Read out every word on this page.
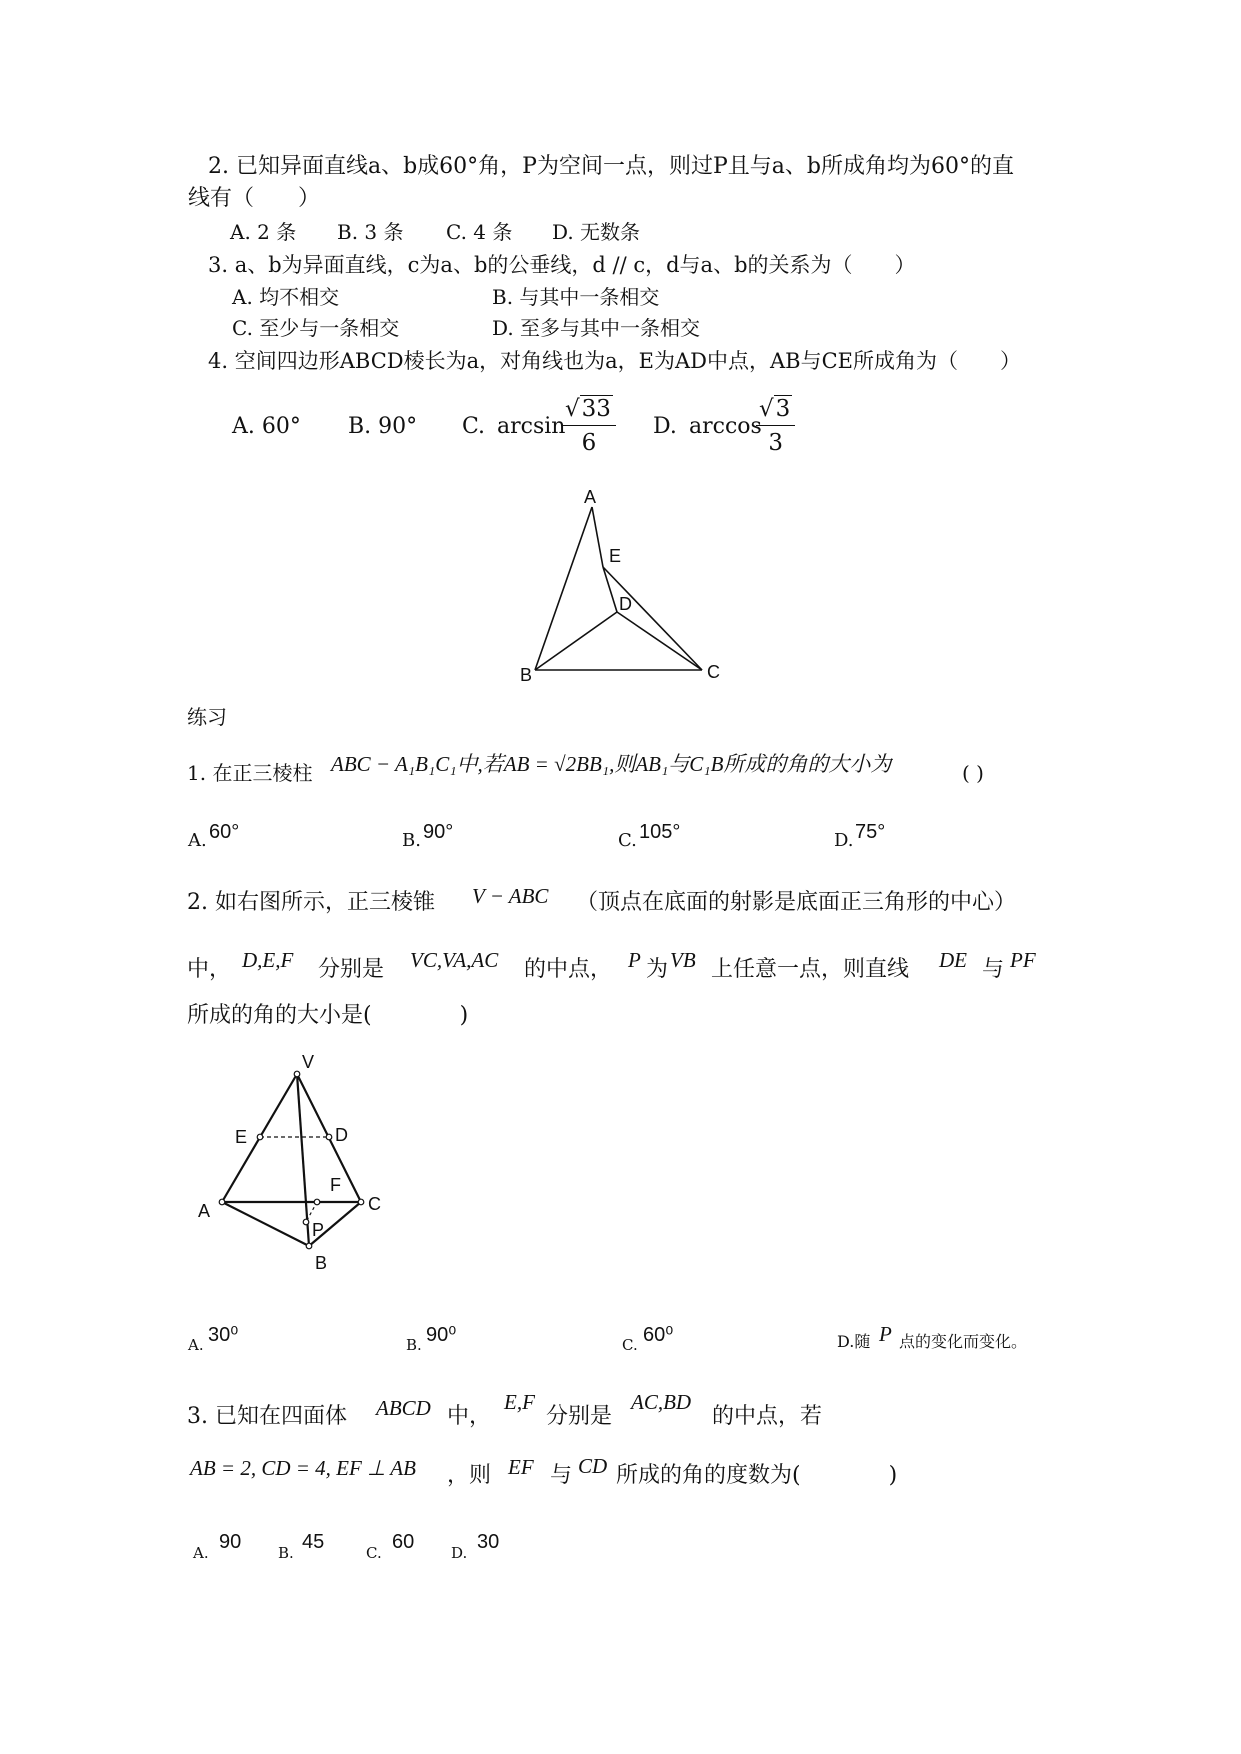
2. 已知异面直线a、b成60°角，P为空间一点，则过P且与a、b所成角均为60°的直
线有（　　）
A. 2 条 B. 3 条 C. 4 条 D. 无数条
3. a、b为异面直线，c为a、b的公垂线，d // c，d与a、b的关系为（　　）
A. 均不相交	B. 与其中一条相交
C. 至少与一条相交	D. 至多与其中一条相交
4. 空间四边形ABCD棱长为a，对角线也为a，E为AD中点，AB与CE所成角为（　　）
A. 60° B. 90° C. arcsin
$\frac{√33}{6} D$. arccos
$\frac{√3}{3}$
A
E
D
B	C
练习
1. 在正三棱柱 ABC − A₁B₁C₁中,若AB = √2BB₁,则AB₁与C₁B所成的角的大小为	( )
A. 60°	B. 90°	C. 105°	D. 75°
2. 如右图所示，正三棱锥 V − ABC （顶点在底面的射影是底面正三角形的中心）
中， D,E,F 分别是 VC,VA,AC 的中点， P 为 VB 上任意一点，则直线 DE 与 PF
所成的角的大小是(　　　　)
V
E	D
A
F
C
P
B
A. 30⁰	B. 90⁰	C. 60⁰	D.随 P 点的变化而变化。
3. 已知在四面体 ABCD 中，
E,F
分别是
AC,BD
的中点，若
AB = 2, CD = 4, EF ⊥ AB ，则 EF 与 CD 所成的角的度数为(　　　　)
A. 90 B. 45	C. 60 D. 30
